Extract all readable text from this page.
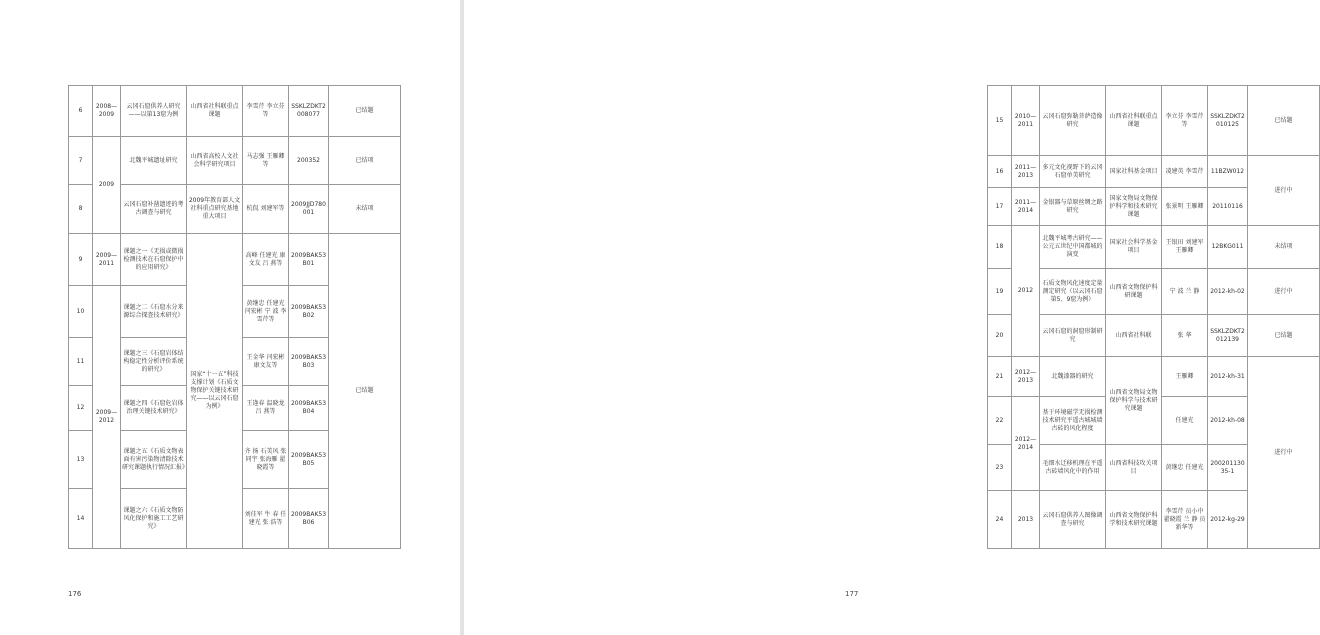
6	2008—2009	云冈石窟供养人研究——以第13窟为例	山西省社科联重点课题	李雪芹 李立芬等	SSKLZDKT2008077	已结题
7	2009	北魏平城遗址研究	山西省高校人文社会科学研究项目	马志强 王雁卿等	200352	已结项
8		云冈石窟补凿遗迹的考古调查与研究	2009年教育部人文社科重点研究基地重大项目	杭侃 刘建军等	2009JJD780001	未结项
9	2009—2011	课题之一《无损或微损检测技术在石窟保护中的应用研究》	国家“十一五”科技支撑计划《石质文物保护关键技术研究——以云冈石窟为例》	高峰 任建光 康文友 吕 燕等	2009BAK53B01	已结题
10	2009—2012	课题之二《石窟水分来源综合探查技术研究》		黄继忠 任建光 闫宏彬 宁 波 李雪芹等	2009BAK53B02	
11		课题之三《石窟岩体结构稳定性分析评价系统的研究》		王金华 闫宏彬 康文友等	2009BAK53B03	
12		课题之四《石窟危岩体治理关键技术研究》		王逢春 温晓龙 吕 燕等	2009BAK53B04	
13		课题之五《石质文物表面有害污染物清除技术研究课题执行情况汇报》		齐 扬 石美风 张同宇 张海雁 翟晓霞等	2009BAK53B05	
14		课题之六《石质文物防风化保护和施工工艺研究》		刘佳军 牛 春 任建光 张 浩等	2009BAK53B06	
176
15	2010—2011	云冈石窟弥勒菩萨造像研究	山西省社科联重点课题	李立芬 李雪芹等	SSKLZDKT2010125	已结题
16	2011—2013	多元文化视野下的云冈石窟单美研究	国家社科基金项目	凌建英 李雪芹	11BZW012	进行中
17	2011—2014	金银器与草原丝绸之路研究	国家文物局文物保护科学和技术研究课题	张景明 王雁卿	20110116	
18	2012	北魏平城考古研究——公元五世纪中国都城的演变	国家社会科学基金项目	王银田 刘建军 王雁卿	12BKG011	未结项
19		石质文物风化速度定量测定研究（以云冈石窟第5、9窟为例）	山西省文物保护科研课题	宁 波 兰 静	2012-kh-02	进行中
20		云冈石窟的洞窟形制研究	山西省社科联	张 华	SSKLZDKT2012139	已结题
21	2012—2013	北魏漆器的研究	山西省文物局文物保护科学与技术研究课题	王雁卿	2012-kh-31	进行中
22	2012—2014	基于环境磁学无损检测技术研究平遥古城城墙古砖的风化程度		任建光	2012-kh-08	
23		毛细水迁移机理在平遥古砖墙风化中的作用	山西省科技攻关项目	黄继忠 任建光	20020113035-1	
24	2013	云冈石窟供养人图像调查与研究	山西省文物保护科学和技术研究课题	李雪芹 员小中 翟晓霞 兰 静 员新华等	2012-kg-29	
177
